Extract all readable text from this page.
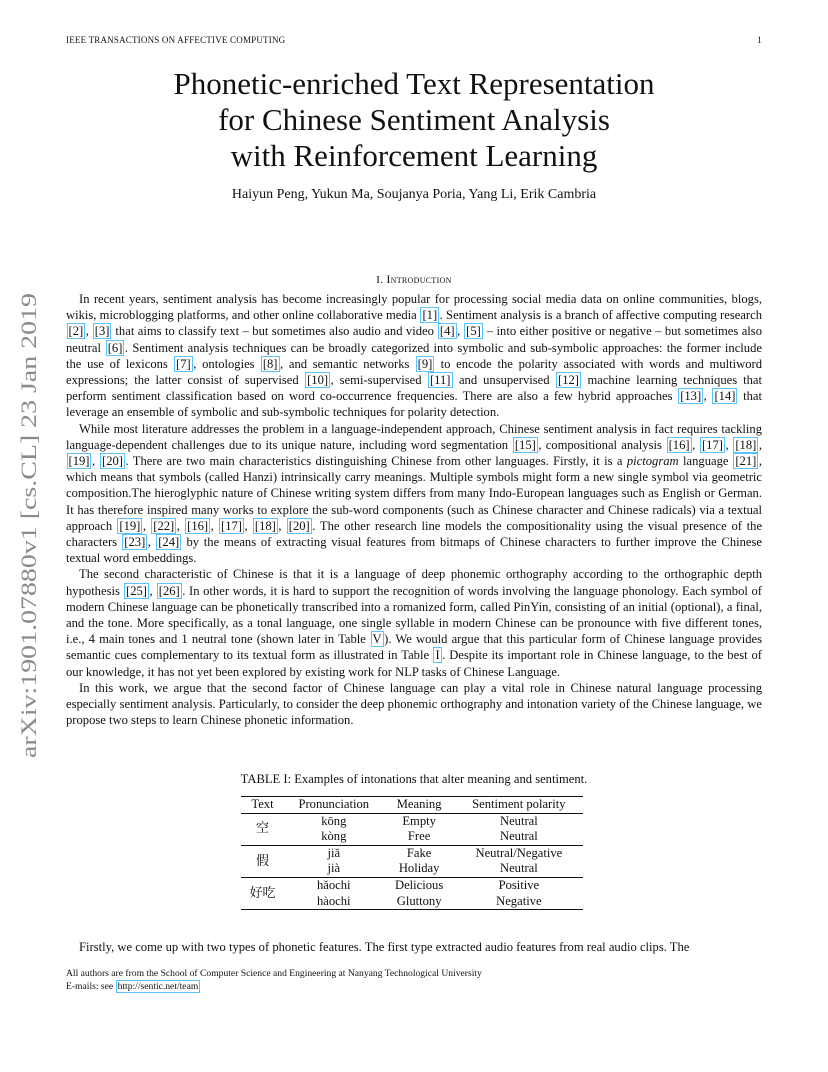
IEEE TRANSACTIONS ON AFFECTIVE COMPUTING	1
arXiv:1901.07880v1 [cs.CL] 23 Jan 2019
Phonetic-enriched Text Representation
for Chinese Sentiment Analysis
with Reinforcement Learning
Haiyun Peng, Yukun Ma, Soujanya Poria, Yang Li, Erik Cambria
I. Introduction

In recent years, sentiment analysis has become increasingly popular for processing social media data on online communities, blogs, wikis, microblogging platforms, and other online collaborative media [1] . Sentiment analysis is a branch of affective computing research [2] , [3] that aims to classify text – but sometimes also audio and video [4] , [5] – into either positive or negative – but sometimes also neutral [6] . Sentiment analysis techniques can be broadly categorized into symbolic and sub-symbolic approaches: the former include the use of lexicons [7] , ontologies [8] , and semantic networks [9] to encode the polarity associated with words and multiword expressions; the latter consist of supervised [10] , semi-supervised [11] and unsupervised [12] machine learning techniques that perform sentiment classification based on word co-occurrence frequencies. There are also a few hybrid approaches [13] , [14] that leverage an ensemble of symbolic and sub-symbolic techniques for polarity detection.

While most literature addresses the problem in a language-independent approach, Chinese sentiment analysis in fact requires tackling language-dependent challenges due to its unique nature, including word segmentation [15] , compositional analysis [16] , [17] , [18] , [19] , [20] . There are two main characteristics distinguishing Chinese from other languages. Firstly, it is a pictogram language [21] , which means that symbols (called Hanzi) intrinsically carry meanings. Multiple symbols might form a new single symbol via geometric composition.The hieroglyphic nature of Chinese writing system differs from many Indo-European languages such as English or German. It has therefore inspired many works to explore the sub-word components (such as Chinese character and Chinese radicals) via a textual approach [19] , [22] , [16] , [17] , [18] , [20] . The other research line models the compositionality using the visual presence of the characters [23] , [24] by the means of extracting visual features from bitmaps of Chinese characters to further improve the Chinese textual word embeddings.

The second characteristic of Chinese is that it is a language of deep phonemic orthography according to the orthographic depth hypothesis [25] , [26] . In other words, it is hard to support the recognition of words involving the language phonology. Each symbol of modern Chinese language can be phonetically transcribed into a romanized form, called PinYin, consisting of an initial (optional), a final, and the tone. More specifically, as a tonal language, one single syllable in modern Chinese can be pronounce with five different tones, i.e., 4 main tones and 1 neutral tone (shown later in Table V ). We would argue that this particular form of Chinese language provides semantic cues complementary to its textual form as illustrated in Table I . Despite its important role in Chinese language, to the best of our knowledge, it has not yet been explored by existing work for NLP tasks of Chinese Language.

In this work, we argue that the second factor of Chinese language can play a vital role in Chinese natural language processing especially sentiment analysis. Particularly, to consider the deep phonemic orthography and intonation variety of the Chinese language, we propose two steps to learn Chinese phonetic information.

TABLE I: Examples of intonations that alter meaning and sentiment.
Text	Pronunciation	Meaning	Sentiment polarity
空	kōng	Empty	Neutral
	kòng	Free	Neutral
假	jiǎ	Fake	Neutral/Negative
	jià	Holiday	Neutral
好吃	hǎochi	Delicious	Positive
	hàochi	Gluttony	Negative

Firstly, we come up with two types of phonetic features. The first type extracted audio features from real audio clips. The

All authors are from the School of Computer Science and Engineering at Nanyang Technological University
E-mails: see http://sentic.net/team
